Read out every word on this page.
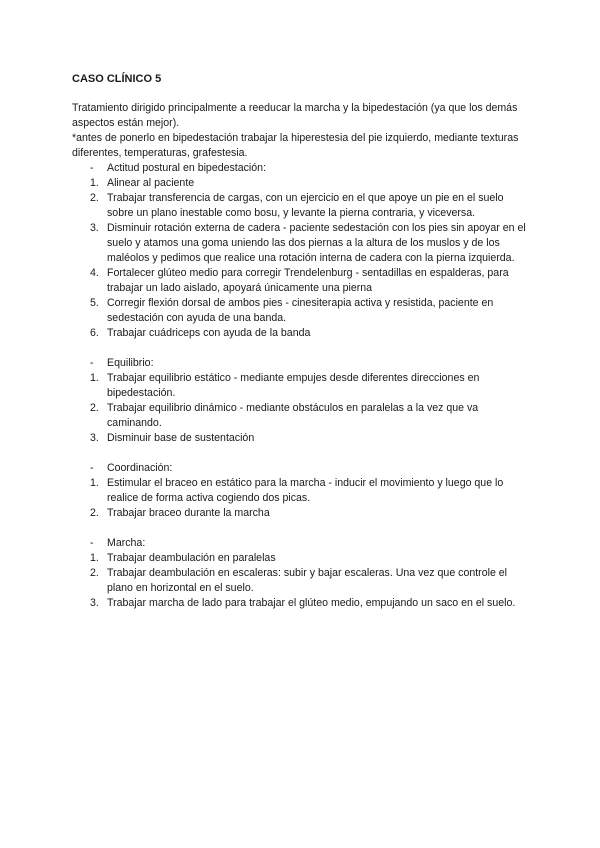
CASO CLÍNICO 5

Tratamiento dirigido principalmente a reeducar la marcha y la bipedestación (ya que los demás aspectos están mejor).

*antes de ponerlo en bipedestación trabajar la hiperestesia del pie izquierdo, mediante texturas diferentes, temperaturas, grafestesia.

- Actitud postural en bipedestación:
1. Alinear al paciente
2. Trabajar transferencia de cargas, con un ejercicio en el que apoye un pie en el suelo sobre un plano inestable como bosu, y levante la pierna contraria, y viceversa.
3. Disminuir rotación externa de cadera - paciente sedestación con los pies sin apoyar en el suelo y atamos una goma uniendo las dos piernas a la altura de los muslos y de los maléolos y pedimos que realice una rotación interna de cadera con la pierna izquierda.
4. Fortalecer glúteo medio para corregir Trendelenburg - sentadillas en espalderas, para trabajar un lado aislado, apoyará únicamente una pierna
5. Corregir flexión dorsal de ambos pies - cinesiterapia activa y resistida, paciente en sedestación con ayuda de una banda.
6. Trabajar cuádriceps con ayuda de la banda
- Equilibrio:
1. Trabajar equilibrio estático - mediante empujes desde diferentes direcciones en bipedestación.
2. Trabajar equilibrio dinámico - mediante obstáculos en paralelas a la vez que va caminando.
3. Disminuir base de sustentación
- Coordinación:
1. Estimular el braceo en estático para la marcha - inducir el movimiento y luego que lo realice de forma activa cogiendo dos picas.
2. Trabajar braceo durante la marcha
- Marcha:
1. Trabajar deambulación en paralelas
2. Trabajar deambulación en escaleras: subir y bajar escaleras. Una vez que controle el plano en horizontal en el suelo.
3. Trabajar marcha de lado para trabajar el glúteo medio, empujando un saco en el suelo.
